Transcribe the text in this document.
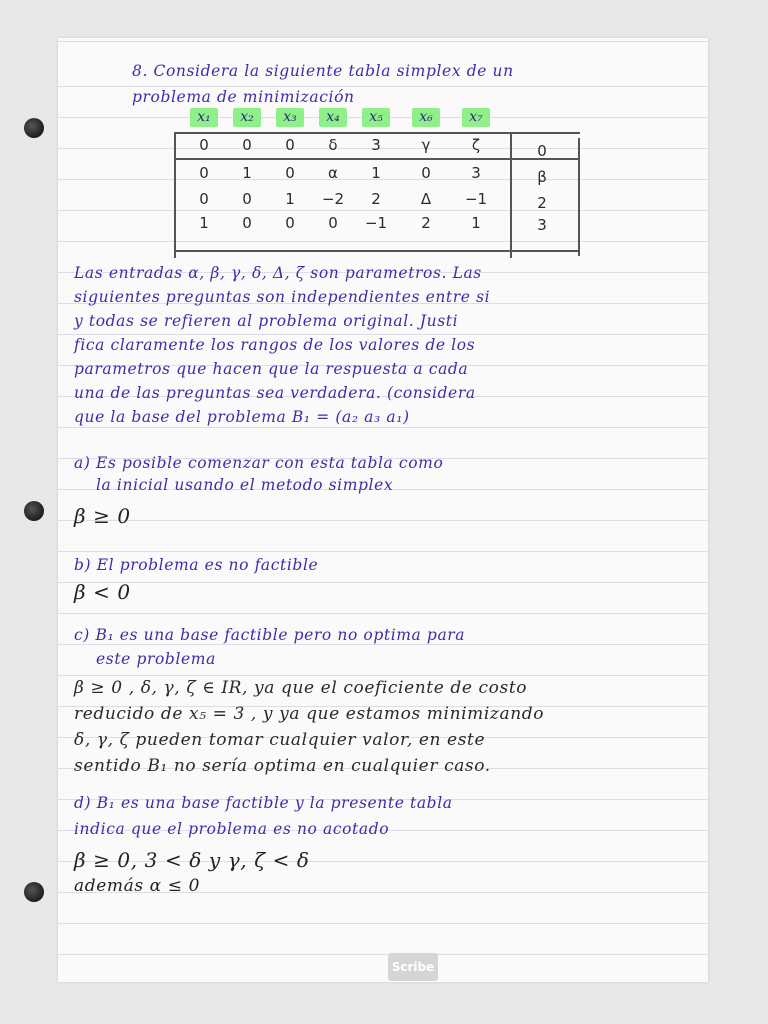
8. Considera la siguiente tabla simplex de un
problema de minimización
x₁	x₂	x₃	x₄	x₅	x₆	x₇
0	0	0	δ	3	γ	ζ	0
0	1	0	α	1	0	3	β
0	0	1	−2	2	Δ	−1	2
1	0	0	0	−1	2	1	3
Las entradas α, β, γ, δ, Δ, ζ son parametros. Las
siguientes preguntas son independientes entre si
y todas se refieren al problema original. Justi
fica claramente los rangos de los valores de los
parametros que hacen que la respuesta a cada
una de las preguntas sea verdadera. (considera
que la base del problema B₁ = (a₂ a₃ a₁)
a) Es posible comenzar con esta tabla como
la inicial usando el metodo simplex
β ≥ 0
b) El problema es no factible
β < 0
c) B₁ es una base factible pero no optima para
este problema
β ≥ 0 , δ, γ, ζ ∈ IR, ya que el coeficiente de costo
reducido de x₅ = 3 , y ya que estamos minimizando
δ, γ, ζ pueden tomar cualquier valor, en este
sentido B₁ no sería optima en cualquier caso.
d) B₁ es una base factible y la presente tabla
indica que el problema es no acotado
β ≥ 0, 3 < δ y γ, ζ < δ
además α ≤ 0
Scribe
